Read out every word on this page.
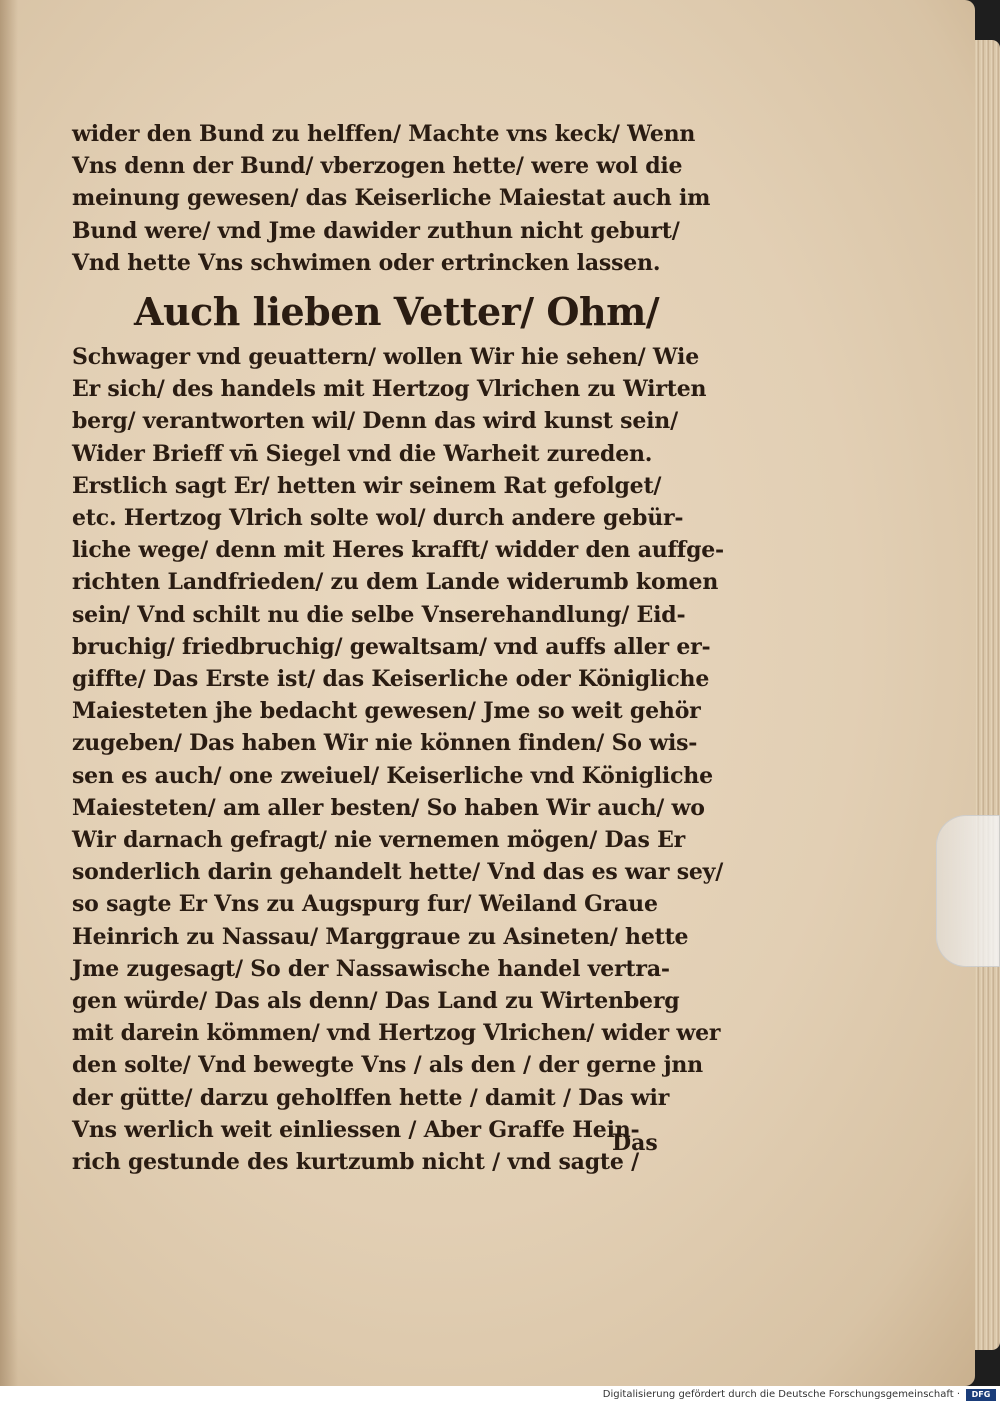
wider den Bund zu helffen/ Machte vns keck/ Wenn
Vns denn der Bund/ vberzogen hette/ were wol die
meinung gewesen/ das Keiserliche Maiestat auch im
Bund were/ vnd Jme dawider zuthun nicht geburt/
Vnd hette Vns schwimen oder ertrincken lassen.
Auch lieben Vetter/ Ohm/
Schwager vnd geuattern/ wollen Wir hie sehen/ Wie
Er sich/ des handels mit Hertzog Vlrichen zu Wirten
berg/ verantworten wil/ Denn das wird kunst sein/
Wider Brieff vn̄ Siegel vnd die Warheit zureden.
Erstlich sagt Er/ hetten wir seinem Rat gefolget/
etc. Hertzog Vlrich solte wol/ durch andere gebür-
liche wege/ denn mit Heres krafft/ widder den auffge-
richten Landfrieden/ zu dem Lande widerumb komen
sein/ Vnd schilt nu die selbe Vnserehandlung/ Eid-
bruchig/ friedbruchig/ gewaltsam/ vnd auffs aller er-
giffte/ Das Erste ist/ das Keiserliche oder Königliche
Maiesteten jhe bedacht gewesen/ Jme so weit gehör
zugeben/ Das haben Wir nie können finden/ So wis-
sen es auch/ one zweiuel/ Keiserliche vnd Königliche
Maiesteten/ am aller besten/ So haben Wir auch/ wo
Wir darnach gefragt/ nie vernemen mögen/ Das Er
sonderlich darin gehandelt hette/ Vnd das es war sey/
so sagte Er Vns zu Augspurg fur/ Weiland Graue
Heinrich zu Nassau/ Marggraue zu Asineten/ hette
Jme zugesagt/ So der Nassawische handel vertra-
gen würde/ Das als denn/ Das Land zu Wirtenberg
mit darein kömmen/ vnd Hertzog Vlrichen/ wider wer
den solte/ Vnd bewegte Vns / als den / der gerne jnn
der gütte/ darzu geholffen hette / damit / Das wir
Vns werlich weit einliessen / Aber Graffe Hein-
rich gestunde des kurtzumb nicht / vnd sagte /
Das
Digitalisierung gefördert durch die Deutsche Forschungsgemeinschaft ·	DFG
